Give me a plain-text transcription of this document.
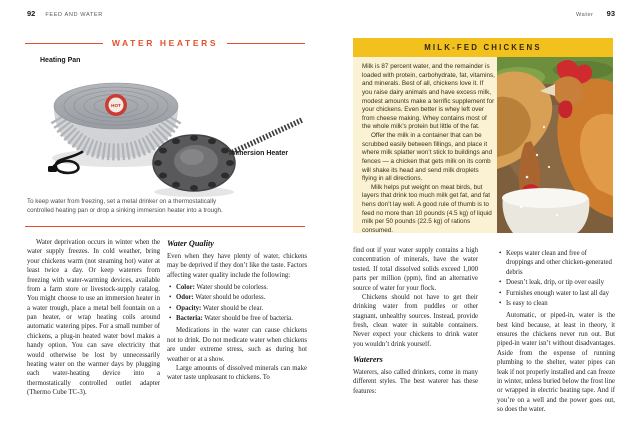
92 FEED AND WATER
WATER HEATERS
Heating Pan
HOT
Immersion Heater

To keep water from freezing, set a metal drinker on a thermostatically controlled heating pan or drop a sinking immersion heater into a trough.

Water deprivation occurs in winter when the water supply freezes. In cold weather, bring your chickens warm (not steaming hot) water at least twice a day. Or keep waterers from freezing with water-warming devices, available from a farm store or livestock-supply catalog. You might choose to use an immersion heater in a water trough, place a metal bell fountain on a pan heater, or wrap heating coils around automatic watering pipes. For a small number of chickens, a plug-in heated water bowl makes a handy option. You can save electricity that would otherwise be lost by unnecessarily heating water on the warmer days by plugging each water-heating device into a thermostatically controlled outlet adapter (Thermo Cube TC-3).

Water Quality

Even when they have plenty of water, chickens may be deprived if they don’t like the taste. Factors affecting water quality include the following:

• Color: Water should be colorless.
• Odor: Water should be odorless.
• Opacity: Water should be clear.
• Bacteria: Water should be free of bacteria.

Medications in the water can cause chickens not to drink. Do not medicate water when chickens are under extreme stress, such as during hot weather or at a show.

Large amounts of dissolved minerals can make water taste unpleasant to chickens. To

Water 93
MILK-FED CHICKENS

Milk is 87 percent water, and the remainder is loaded with protein, carbohydrate, fat, vitamins, and minerals. Best of all, chickens love it. If you raise dairy animals and have excess milk, modest amounts make a terrific supplement for your chickens. Even better is whey left over from cheese making. Whey contains most of the whole milk’s protein but little of the fat.

Offer the milk in a container that can be scrubbed easily between fillings, and place it where milk splatter won’t stick to buildings and fences — a chicken that gets milk on its comb will shake its head and send milk droplets flying in all directions.

Milk helps put weight on meat birds, but layers that drink too much milk get fat, and fat hens don’t lay well. A good rule of thumb is to feed no more than 10 pounds (4.5 kg) of liquid milk per 50 pounds (22.5 kg) of rations consumed.

find out if your water supply contains a high concentration of minerals, have the water tested. If total dissolved solids exceed 1,000 parts per million (ppm), find an alternative source of water for your flock.

Chickens should not have to get their drinking water from puddles or other stagnant, unhealthy sources. Instead, provide fresh, clean water in suitable containers. Never expect your chickens to drink water you wouldn’t drink yourself.

Waterers

Waterers, also called drinkers, come in many different styles. The best waterer has these features:

• Keeps water clean and free of droppings and other chicken-generated debris
• Doesn’t leak, drip, or tip over easily
• Furnishes enough water to last all day
• Is easy to clean

Automatic, or piped-in, water is the best kind because, at least in theory, it ensures the chickens never run out. But piped-in water isn’t without disadvantages. Aside from the expense of running plumbing to the shelter, water pipes can leak if not properly installed and can freeze in winter, unless buried below the frost line or wrapped in electric heating tape. And if you’re on a well and the power goes out, so does the water.
